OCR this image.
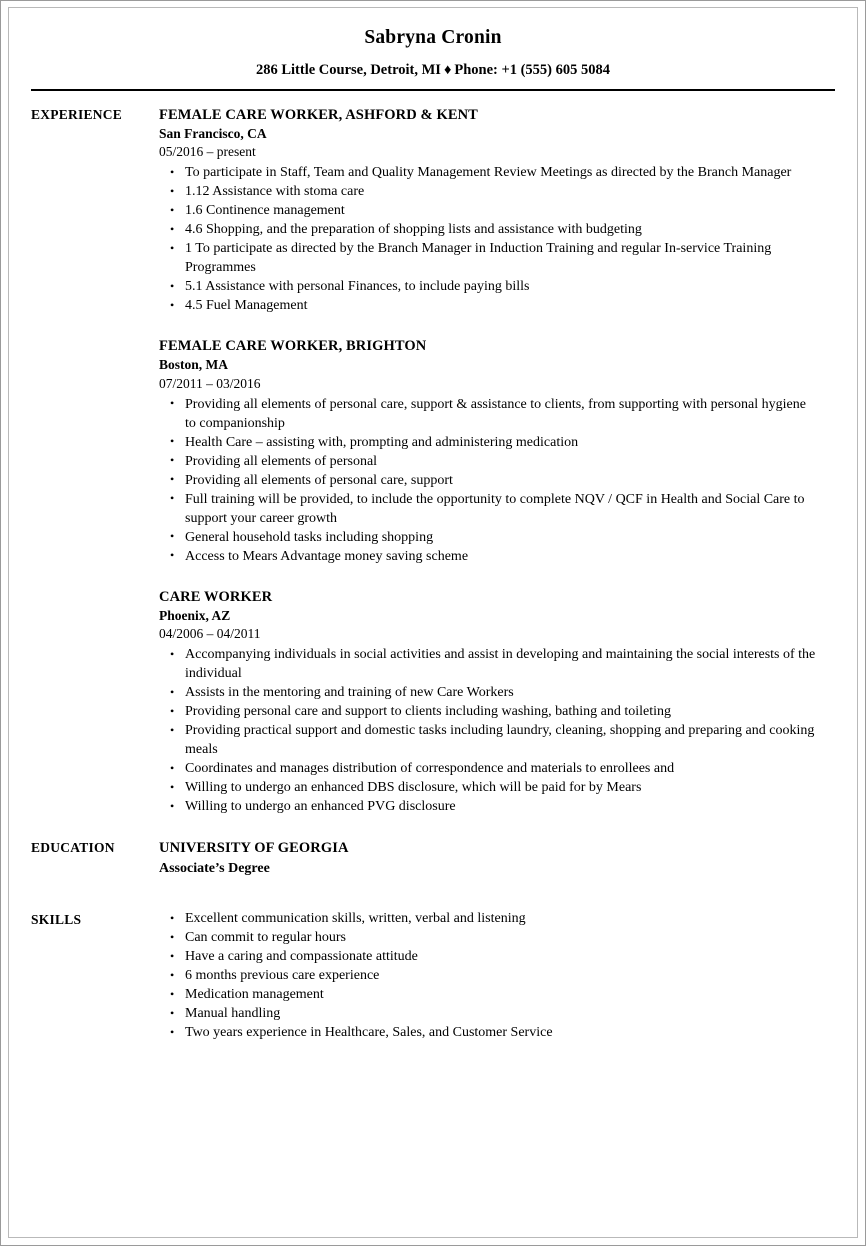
Sabryna Cronin
286 Little Course, Detroit, MI ♦ Phone: +1 (555) 605 5084
EXPERIENCE	FEMALE CARE WORKER, ASHFORD & KENT
San Francisco, CA
05/2016 – present
• To participate in Staff, Team and Quality Management Review Meetings as directed by the Branch Manager
• 1.12 Assistance with stoma care
• 1.6 Continence management
• 4.6 Shopping, and the preparation of shopping lists and assistance with budgeting
• 1 To participate as directed by the Branch Manager in Induction Training and regular In-service Training Programmes
• 5.1 Assistance with personal Finances, to include paying bills
• 4.5 Fuel Management
FEMALE CARE WORKER, BRIGHTON
Boston, MA
07/2011 – 03/2016
• Providing all elements of personal care, support & assistance to clients, from supporting with personal hygiene to companionship
• Health Care – assisting with, prompting and administering medication
• Providing all elements of personal
• Providing all elements of personal care, support
• Full training will be provided, to include the opportunity to complete NQV / QCF in Health and Social Care to support your career growth
• General household tasks including shopping
• Access to Mears Advantage money saving scheme
CARE WORKER
Phoenix, AZ
04/2006 – 04/2011
• Accompanying individuals in social activities and assist in developing and maintaining the social interests of the individual
• Assists in the mentoring and training of new Care Workers
• Providing personal care and support to clients including washing, bathing and toileting
• Providing practical support and domestic tasks including laundry, cleaning, shopping and preparing and cooking meals
• Coordinates and manages distribution of correspondence and materials to enrollees and
• Willing to undergo an enhanced DBS disclosure, which will be paid for by Mears
• Willing to undergo an enhanced PVG disclosure
EDUCATION	UNIVERSITY OF GEORGIA
Associate’s Degree
SKILLS	• Excellent communication skills, written, verbal and listening
• Can commit to regular hours
• Have a caring and compassionate attitude
• 6 months previous care experience
• Medication management
• Manual handling
• Two years experience in Healthcare, Sales, and Customer Service
